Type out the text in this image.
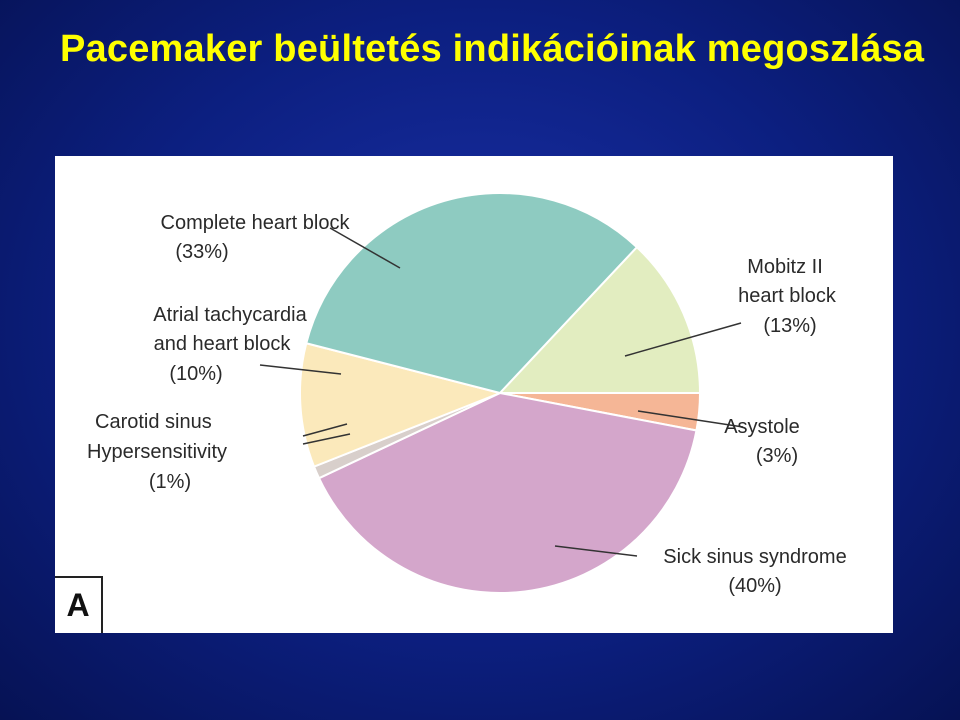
Pacemaker beültetés indikációinak megoszlása
Asystole
(3%)
Sick sinus syndrome
(40%)
Carotid sinus
Hypersensitivity
(1%)
Atrial tachycardia
and heart block
(10%)
Complete heart block
(33%)
Mobitz II
heart block
(13%)
A
